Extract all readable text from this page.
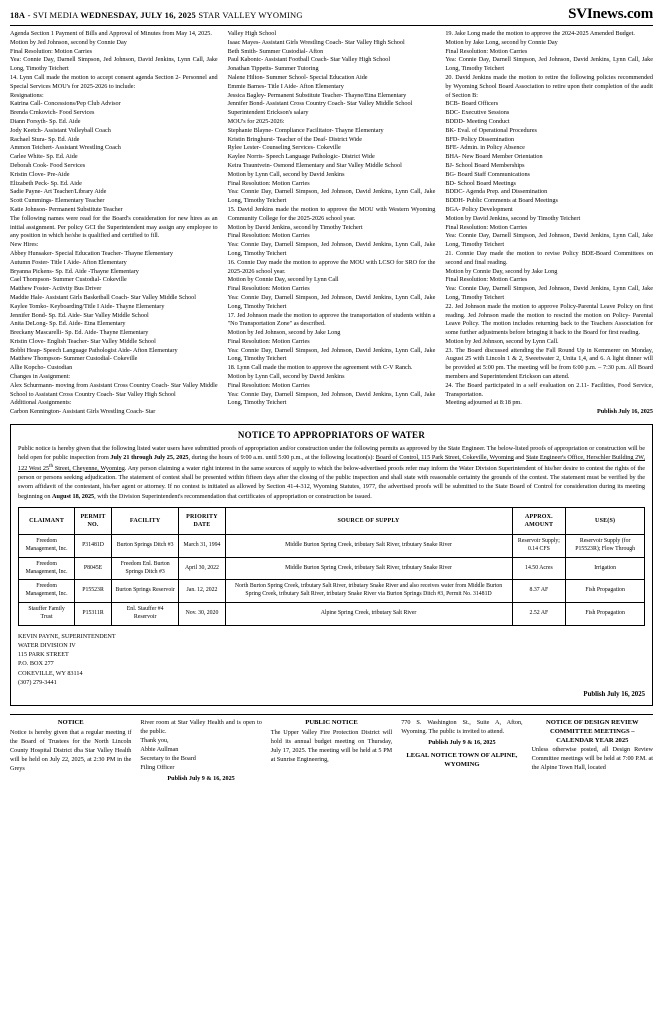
18A - SVI MEDIA WEDNESDAY, JULY 16, 2025 STAR VALLEY WYOMING	SVInews.com

Agenda Section 1 Payment of Bills and Approval of Minutes from May 14, 2025.

Motion by Jed Johnson, second by Connie Day

Final Resolution: Motion Carries

Yea: Connie Day, Darnell Simpson, Jed Johnson, David Jenkins, Lynn Call, Jake Long, Timothy Teichert

14. Lynn Call made the motion to accept consent agenda Section 2- Personnel and Special Services MOU's for 2025-2026 to include:

Resignations:

Katrina Call- Concessions/Pep Club Advisor

Brenda Crnkovich- Food Services

Diann Forsyth- Sp. Ed. Aide

Jody Keetch- Assistant Volleyball Coach

Rachael Stura- Sp. Ed. Aide

Ammon Teichert- Assistant Wrestling Coach

Carlee White- Sp. Ed. Aide

Deborah Cook- Food Services

Kristin Clove- Pre-Aide

Elizabeth Peck- Sp. Ed. Aide

Sadie Payne- Art Teacher/Library Aide

Scott Cummings- Elementary Teacher

Katie Johnson- Permanent Substitute Teacher

The following names were read for the Board's consideration for new hires as an initial assignment. Per policy GCI the Superintendent may assign any employee to any position in which he/she is qualified and certified to fill.

New Hires:

Abbey Hunsaker- Special Education Teacher- Thayne Elementary

Autumn Foster- Title I Aide- Afton Elementary

Bryanna Pickens- Sp. Ed. Aide -Thayne Elementary

Cael Thompson- Summer Custodial- Cokeville

Matthew Foster- Activity Bus Driver

Maddie Hale- Assistant Girls Basketball Coach- Star Valley Middle School

Kaylee Tomko- Keyboarding/Title I Aide- Thayne Elementary

Jennifer Bond- Sp. Ed. Aide- Star Valley Middle School

Anita DeLong- Sp. Ed. Aide- Etna Elementary

Breckany Mascarelli- Sp. Ed. Aide- Thayne Elementary

Kristin Clove- English Teacher- Star Valley Middle School

Bobbi Heap- Speech Language Pathologist Aide- Afton Elementary

Matthew Thompson- Summer Custodial- Cokeville

Allie Kopcho- Custodian

Changes in Assignment:

Alex Schurmann- moving from Assistant Cross Country Coach- Star Valley Middle School to Assistant Cross Country Coach- Star Valley High School

Additional Assignments:

Carbon Kennington- Assistant Girls Wrestling Coach- Star

Valley High School

Isaac Mayes- Assistant Girls Wrestling Coach- Star Valley High School

Beth Smith- Summer Custodial- Afton

Paul Kabonic- Assistant Football Coach- Star Valley High School

Jonathan Tippetts- Summer Tutoring

Nalene Hilton- Summer School- Special Education Aide

Emmie Barnes- Title I Aide- Afton Elementary

Jessica Bagley- Permanent Substitute Teacher- Thayne/Etna Elementary

Jennifer Bond- Assistant Cross Country Coach- Star Valley Middle School

Superintendent Erickson's salary

MOU's for 2025-2026:

Stephanie Blayne- Compliance Facilitator- Thayne Elementary

Kristin Bringhurst- Teacher of the Deaf- District Wide

Rylee Lester- Counseling Services- Cokeville

Kaylee Norris- Speech Language Pathologic- District Wide

Keira Trauntvein- Osmond Elementary and Star Valley Middle School

Motion by Lynn Call, second by David Jenkins

Final Resolution: Motion Carries

Yea: Connie Day, Darnell Simpson, Jed Johnson, David Jenkins, Lynn Call, Jake Long, Timothy Teichert

15. David Jenkins made the motion to approve the MOU with Western Wyoming Community College for the 2025-2026 school year.

Motion by David Jenkins, second by Timothy Teichert

Final Resolution: Motion Carries

Yea: Connie Day, Darnell Simpson, Jed Johnson, David Jenkins, Lynn Call, Jake Long, Timothy Teichert

16. Connie Day made the motion to approve the MOU with LCSO for SRO for the 2025-2026 school year.

Motion by Connie Day, second by Lynn Call

Final Resolution: Motion Carries

Yea: Connie Day, Darnell Simpson, Jed Johnson, David Jenkins, Lynn Call, Jake Long, Timothy Teichert

17. Jed Johnson made the motion to approve the transportation of students within a "No Transportation Zone" as described.

Motion by Jed Johnson, second by Jake Long

Final Resolution: Motion Carries

Yea: Connie Day, Darnell Simpson, Jed Johnson, David Jenkins, Lynn Call, Jake Long, Timothy Teichert

18. Lynn Call made the motion to approve the agreement with C-V Ranch.

Motion by Lynn Call, second by David Jenkins

Final Resolution: Motion Carries

Yea: Connie Day, Darnell Simpson, Jed Johnson, David Jenkins, Lynn Call, Jake Long, Timothy Teichert

19. Jake Long made the motion to approve the 2024-2025 Amended Budget.

Motion by Jake Long, second by Connie Day

Final Resolution: Motion Carries

Yea: Connie Day, Darnell Simpson, Jed Johnson, David Jenkins, Lynn Call, Jake Long, Timothy Teichert

20. David Jenkins made the motion to retire the following policies recommended by Wyoming School Board Association to retire upon their completion of the audit of Section B:

BCB- Board Officers

BDC- Executive Sessions

BDDD- Meeting Conduct

BK- Eval. of Operational Procedures

BFD- Policy Dissemination

BFE- Admin. in Policy Absence

BHA- New Board Member Orientation

BJ- School Board Memberships

BG- Board Staff Communications

BD- School Board Meetings

BDDC- Agenda Prep. and Dissemination

BDDH- Public Comments at Board Meetings

BGA- Policy Development

Motion by David Jenkins, second by Timothy Teichert

Final Resolution: Motion Carries

Yea: Connie Day, Darnell Simpson, Jed Johnson, David Jenkins, Lynn Call, Jake Long, Timothy Teichert

21. Connie Day made the motion to revise Policy BDE-Board Committees on second and final reading.

Motion by Connie Day, second by Jake Long

Final Resolution: Motion Carries

Yea: Connie Day, Darnell Simpson, Jed Johnson, David Jenkins, Lynn Call, Jake Long, Timothy Teichert

22. Jed Johnson made the motion to approve Policy-Parental Leave Policy on first reading. Jed Johnson made the motion to rescind the motion on Policy- Parental Leave Policy. The motion includes returning back to the Teachers Association for some further adjustments before bringing it back to the Board for first reading.

Motion by Jed Johnson, second by Lynn Call.

23. The Board discussed attending the Fall Round Up in Kemmerer on Monday, August 25 with Lincoln 1 & 2, Sweetwater 2, Unita 1,4, and 6. A light dinner will be provided at 5:00 pm. The meeting will be from 6:00 p.m. – 7:30 p.m. All Board members and Superintendent Erickson can attend.

24. The Board participated in a self evaluation on 2.11- Facilities, Food Service, Transportation.

Meeting adjourned at 8:18 pm.

Publish July 16, 2025
NOTICE TO APPROPRIATORS OF WATER
Public notice is hereby given that the following listed water users have submitted proofs of appropriation and/or construction under the following permits as approved by the State Engineer. The below-listed proofs of appropriation or construction will be held open for public inspection from July 21 through July 25, 2025, during the hours of 9:00 a.m. until 5:00 p.m., at the following location(s): Board of Control, 115 Park Street, Cokeville, Wyoming and State Engineer's Office, Herschler Building 2W, 122 West 25th Street, Cheyenne, Wyoming. Any person claiming a water right interest in the same sources of supply to which the below-advertised proofs refer may inform the Water Division Superintendent of his/her desire to contest the rights of the person or persons seeking adjudication. The statement of contest shall be presented within fifteen days after the closing of the public inspection and shall state with reasonable certainty the grounds of the contest. The statement must be verified by the sworn affidavit of the contestant, his/her agent or attorney. If no contest is initiated as allowed by Section 41-4-312, Wyoming Statutes, 1977, the advertised proofs will be submitted to the State Board of Control for consideration during its meeting beginning on August 18, 2025, with the Division Superintendent's recommendation that certificates of appropriation or construction be issued.
CLAIMANT	PERMIT NO.	FACILITY	PRIORITY DATE	SOURCE OF SUPPLY	APPROX. AMOUNT	USE(S)
Freedom Management, Inc.	P31481D	Burton Springs Ditch #3	March 31, 1994	Middle Burton Spring Creek, tributary Salt River, tributary Snake River	Reservoir Supply; 0.14 CFS	Reservoir Supply (for P15523R); Flow Through
Freedom Management, Inc.	P8045E	Freedom Enl. Burton Springs Ditch #3	April 30, 2022	Middle Burton Spring Creek, tributary Salt River, tributary Snake River	14.50 Acres	Irrigation
Freedom Management, Inc.	P15523R	Burton Springs Reservoir	Jan. 12, 2022	North Burton Spring Creek, tributary Salt River, tributary Snake River and also receives water from Middle Burton Spring Creek, tributary Salt River, tributary Snake River via Burton Springs Ditch #3, Permit No. 31481D	8.37 AF	Fish Propagation
Stauffer Family Trust	P15311R	Enl. Stauffer #4 Reservoir	Nov. 30, 2020	Alpine Spring Creek, tributary Salt River	2.52 AF	Fish Propagation
KEVIN PAYNE, SUPERINTENDENT
WATER DIVISION IV
115 PARK STREET
P.O. BOX 277
COKEVILLE, WY 83114
(307) 279-3441
Publish July 16, 2025
NOTICE

Notice is hereby given that a regular meeting if the Board of Trustees for the North Lincoln County Hospital District dba Star Valley Health will be held on July 22, 2025, at 2:30 PM in the Greys

River room at Star Valley Health and is open to the public.

Thank you,

Abbie Aullman

Secretary to the Board

Filing Officer

Publish July 9 & 16, 2025
PUBLIC NOTICE

The Upper Valley Fire Protection District will hold its annual budget meeting on Thursday, July 17, 2025. The meeting will be held at 5 PM at Sunrise Engineering,

770 S. Washington St., Suite A, Afton, Wyoming. The public is invited to attend.

Publish July 9 & 16, 2025
LEGAL NOTICE TOWN OF ALPINE, WYOMING
NOTICE OF DESIGN REVIEW COMMITTEE MEETINGS – CALENDAR YEAR 2025

Unless otherwise posted, all Design Review Committee meetings will be held at 7:00 P.M. at the Alpine Town Hall, located
